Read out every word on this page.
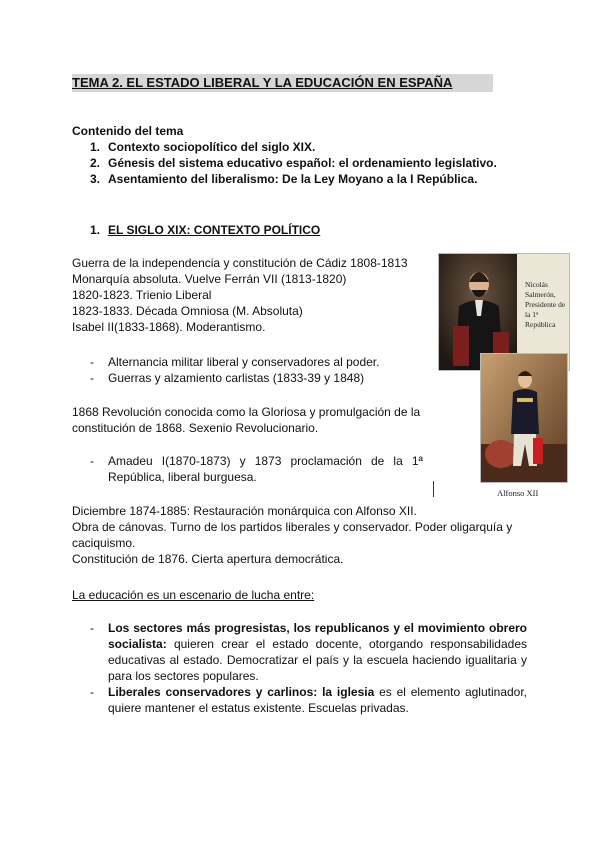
TEMA 2. EL ESTADO LIBERAL Y LA EDUCACIÓN EN ESPAÑA
Contenido del tema
1. Contexto sociopolítico del siglo XIX.
2. Génesis del sistema educativo español: el ordenamiento legislativo.
3. Asentamiento del liberalismo: De la Ley Moyano a la I República.
1. EL SIGLO XIX: CONTEXTO POLÍTICO
Guerra de la independencia y constitución de Cádiz 1808-1813
Monarquía absoluta. Vuelve Ferrán VII (1813-1820)
1820-1823. Trienio Liberal
1823-1833. Década Omniosa (M. Absoluta)
Isabel II(1833-1868). Moderantismo.
- Alternancia militar liberal y conservadores al poder.
- Guerras y alzamiento carlistas (1833-39 y 1848)
1868 Revolución conocida como la Gloriosa y promulgación de la
constitución de 1868. Sexenio Revolucionario.
- Amadeu I(1870-1873) y 1873 proclamación de la 1ª
República, liberal burguesa.
Diciembre 1874-1885: Restauración monárquica con Alfonso XII.
Obra de cánovas. Turno de los partidos liberales y conservador. Poder oligarquía y
caciquismo.
Constitución de 1876. Cierta apertura democrática.
La educación es un escenario de lucha entre:
- Los sectores más progresistas, los republicanos y el movimiento obrero socialista: quieren crear el estado docente, otorgando responsabilidades educativas al estado. Democratizar el país y la escuela haciendo igualitaria y para los sectores populares.
- Liberales conservadores y carlinos: la iglesia es el elemento aglutinador, quiere mantener el estatus existente. Escuelas privadas.
Nicolás
Salmerón,
Presidente de
la 1ª
República
Alfonso XII
